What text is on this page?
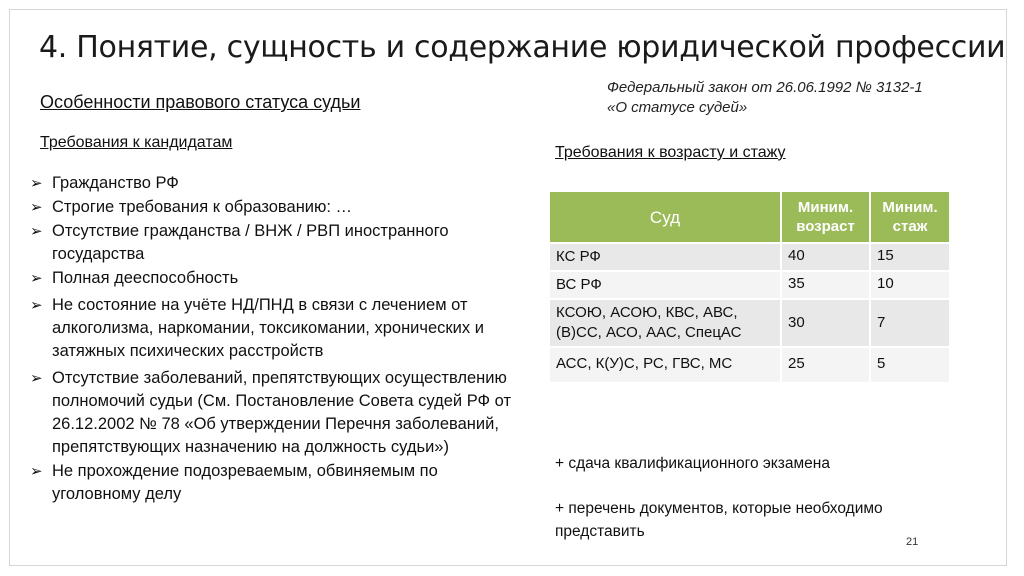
4. Понятие, сущность и содержание юридической профессии
Особенности правового статуса судьи
Требования к кандидатам
Федеральный закон от 26.06.1992 № 3132-1
«О статусе судей»
➢ Гражданство РФ
➢ Строгие требования к образованию: …
➢ Отсутствие гражданства / ВНЖ / РВП иностранного государства
➢ Полная дееспособность
➢ Не состояние на учёте НД/ПНД в связи с лечением от алкоголизма, наркомании, токсикомании, хронических и затяжных психических расстройств
➢ Отсутствие заболеваний, препятствующих осуществлению полномочий судьи (См. Постановление Совета судей РФ от 26.12.2002 № 78 «Об утверждении Перечня заболеваний, препятствующих назначению на должность судьи»)
➢ Не прохождение подозреваемым, обвиняемым по уголовному делу
Требования к возрасту и стажу
Суд	Миним. возраст	Миним. стаж
КС РФ	40	15
ВС РФ	35	10
КСОЮ, АСОЮ, КВС, АВС, (В)СС, АСО, ААС, СпецАС	30	7
АСС, К(У)С, РС, ГВС, МС	25	5
+ сдача квалификационного экзамена
+ перечень документов, которые необходимо представить
21
